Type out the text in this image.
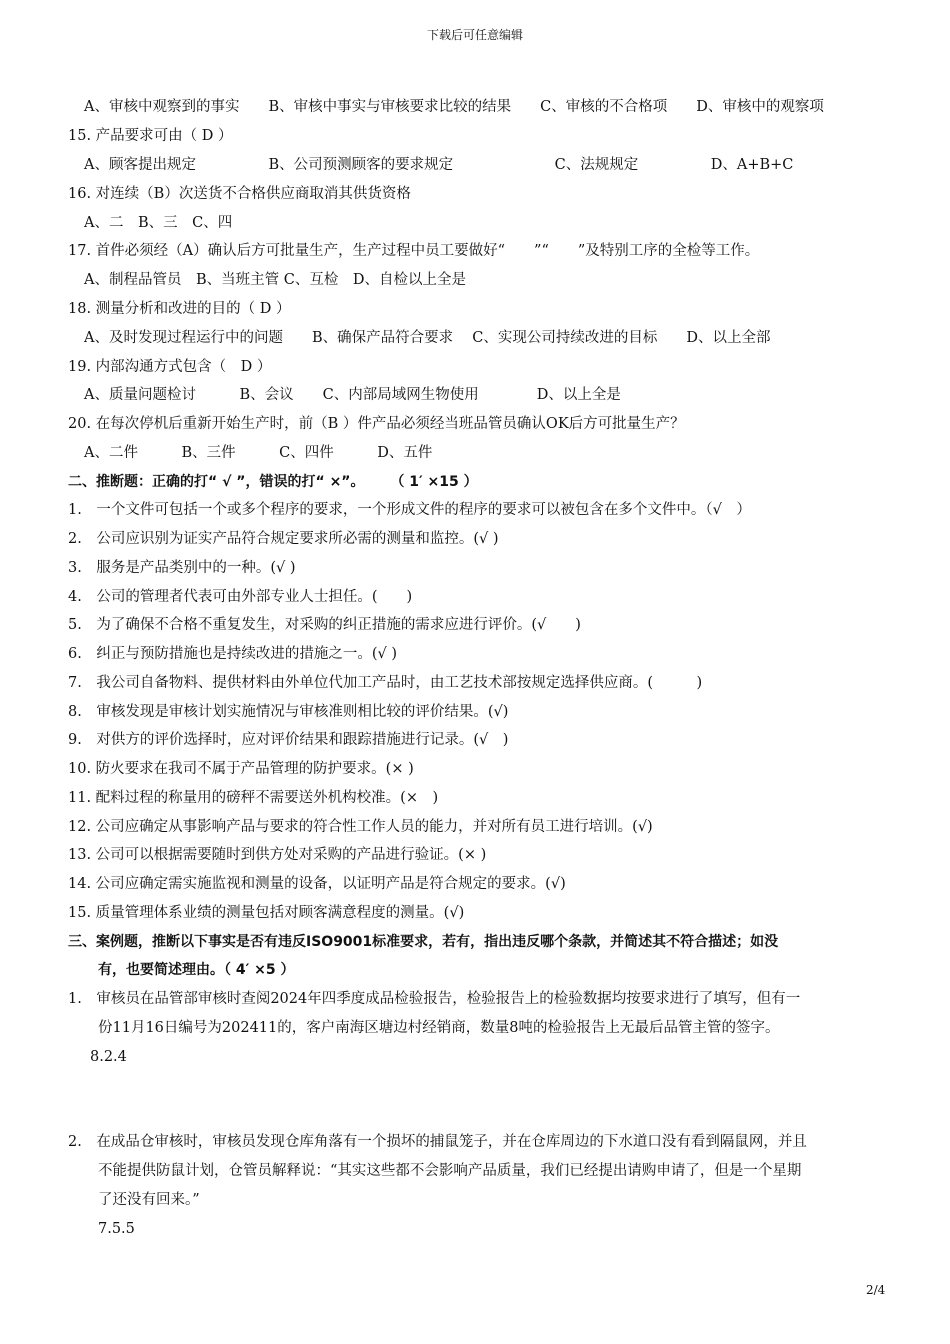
下载后可任意编辑
A、审核中观察到的事实　　B、审核中事实与审核要求比较的结果　　C、审核的不合格项　　D、审核中的观察项
15. 产品要求可由（ D ）
A、顾客提出规定　　　　　B、公司预测顾客的要求规定　　　　　　　C、法规规定　　　　　D、A+B+C
16. 对连续（B）次送货不合格供应商取消其供货资格
A、二　B、三　C、四
17. 首件必须经（A）确认后方可批量生产，生产过程中员工要做好“　　”“　　”及特别工序的全检等工作。
A、制程品管员　B、当班主管 C、互检　D、自检以上全是
18. 测量分析和改进的目的（ D ）
A、及时发现过程运行中的问题　　B、确保产品符合要求　 C、实现公司持续改进的目标　　D、以上全部
19. 内部沟通方式包含（　D ）
A、质量问题检讨　　　B、会议　　C、内部局域网生物使用　　　　D、以上全是
20. 在每次停机后重新开始生产时，前（B ）件产品必须经当班品管员确认OK后方可批量生产？
A、二件　　　B、三件　　　C、四件　　　D、五件
二、推断题：正确的打“ √ ”，错误的打“ ×”。　　 （ 1′ ×15 ）
1.　一个文件可包括一个或多个程序的要求，一个形成文件的程序的要求可以被包含在多个文件中。（√　）
2.　公司应识别为证实产品符合规定要求所必需的测量和监控。(√ )
3.　服务是产品类别中的一种。(√ )
4.　公司的管理者代表可由外部专业人士担任。(　　)
5.　为了确保不合格不重复发生，对采购的纠正措施的需求应进行评价。(√　　)
6.　纠正与预防措施也是持续改进的措施之一。(√ )
7.　我公司自备物料、提供材料由外单位代加工产品时，由工艺技术部按规定选择供应商。(　　　)
8.　审核发现是审核计划实施情况与审核准则相比较的评价结果。(√)
9.　对供方的评价选择时，应对评价结果和跟踪措施进行记录。(√　)
10. 防火要求在我司不属于产品管理的防护要求。(× )
11. 配料过程的称量用的磅秤不需要送外机构校准。(×　)
12. 公司应确定从事影响产品与要求的符合性工作人员的能力，并对所有员工进行培训。(√)
13. 公司可以根据需要随时到供方处对采购的产品进行验证。(× )
14. 公司应确定需实施监视和测量的设备，以证明产品是符合规定的要求。(√)
15. 质量管理体系业绩的测量包括对顾客满意程度的测量。(√)
三、案例题，推断以下事实是否有违反ISO9001标准要求，若有，指出违反哪个条款，并简述其不符合描述；如没
有，也要简述理由。（ 4′ ×5 ）
1.　审核员在品管部审核时查阅2024年四季度成品检验报告，检验报告上的检验数据均按要求进行了填写，但有一
份11月16日编号为202411的，客户南海区塘边村经销商，数量8吨的检验报告上无最后品管主管的签字。
8.2.4
2.　在成品仓审核时，审核员发现仓库角落有一个损坏的捕鼠笼子，并在仓库周边的下水道口没有看到隔鼠网，并且
不能提供防鼠计划，仓管员解释说：“其实这些都不会影响产品质量，我们已经提出请购申请了，但是一个星期
了还没有回来。”
7.5.5
2/4
